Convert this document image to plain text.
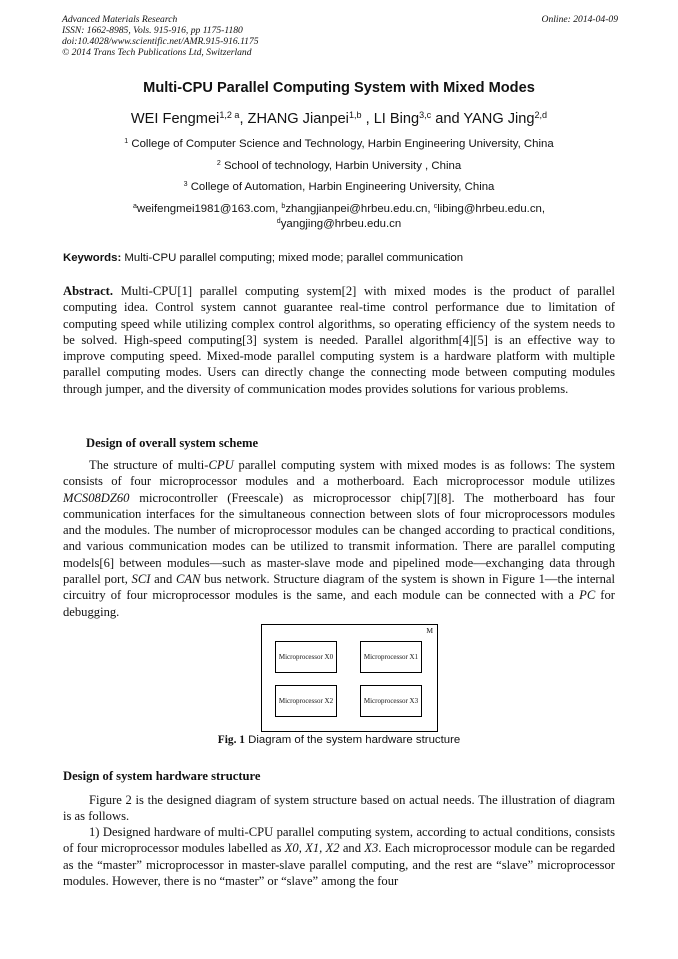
Advanced Materials Research
ISSN: 1662-8985, Vols. 915-916, pp 1175-1180
doi:10.4028/www.scientific.net/AMR.915-916.1175
© 2014 Trans Tech Publications Ltd, Switzerland
Online: 2014-04-09
Multi-CPU Parallel Computing System with Mixed Modes
WEI Fengmei$^{1,2 a}$, ZHANG Jianpei$^{1,b}$ , LI Bing$^{3,c}$ and YANG Jing$^{2,d}$
$^1$ College of Computer Science and Technology, Harbin Engineering University, China
$^2$ School of technology, Harbin University , China
$^3$ College of Automation, Harbin Engineering University, China
$^a$weifengmei1981@163.com, $^b$zhangjianpei@hrbeu.edu.cn, $^c$libing@hrbeu.edu.cn,
$^d$yangjing@hrbeu.edu.cn
Keywords: Multi-CPU parallel computing; mixed mode; parallel communication
Abstract. Multi-CPU[1] parallel computing system[2] with mixed modes is the product of parallel computing idea. Control system cannot guarantee real-time control performance due to limitation of computing speed while utilizing complex control algorithms, so operating efficiency of the system needs to be solved. High-speed computing[3] system is needed. Parallel algorithm[4][5] is an effective way to improve computing speed. Mixed-mode parallel computing system is a hardware platform with multiple parallel computing modes. Users can directly change the connecting mode between computing modules through jumper, and the diversity of communication modes provides solutions for various problems.
Design of overall system scheme
The structure of multi-CPU parallel computing system with mixed modes is as follows: The system consists of four microprocessor modules and a motherboard. Each microprocessor module utilizes MCS08DZ60 microcontroller (Freescale) as microprocessor chip[7][8]. The motherboard has four communication interfaces for the simultaneous connection between slots of four microprocessors modules and the modules. The number of microprocessor modules can be changed according to practical conditions, and various communication modes can be utilized to transmit information. There are parallel computing models[6] between modules—such as master-slave mode and pipelined mode—exchanging data through parallel port, SCI and CAN bus network. Structure diagram of the system is shown in Figure 1—the internal circuitry of four microprocessor modules is the same, and each module can be connected with a PC for debugging.
M
Microprocessor X0	Microprocessor X1
Microprocessor X2	Microprocessor X3
Fig. 1 Diagram of the system hardware structure
Design of system hardware structure
Figure 2 is the designed diagram of system structure based on actual needs. The illustration of diagram is as follows.
1) Designed hardware of multi-CPU parallel computing system, according to actual conditions, consists of four microprocessor modules labelled as X0, X1, X2 and X3. Each microprocessor module can be regarded as the “master” microprocessor in master-slave parallel computing, and the rest are “slave” microprocessor modules. However, there is no “master” or “slave” among the four
